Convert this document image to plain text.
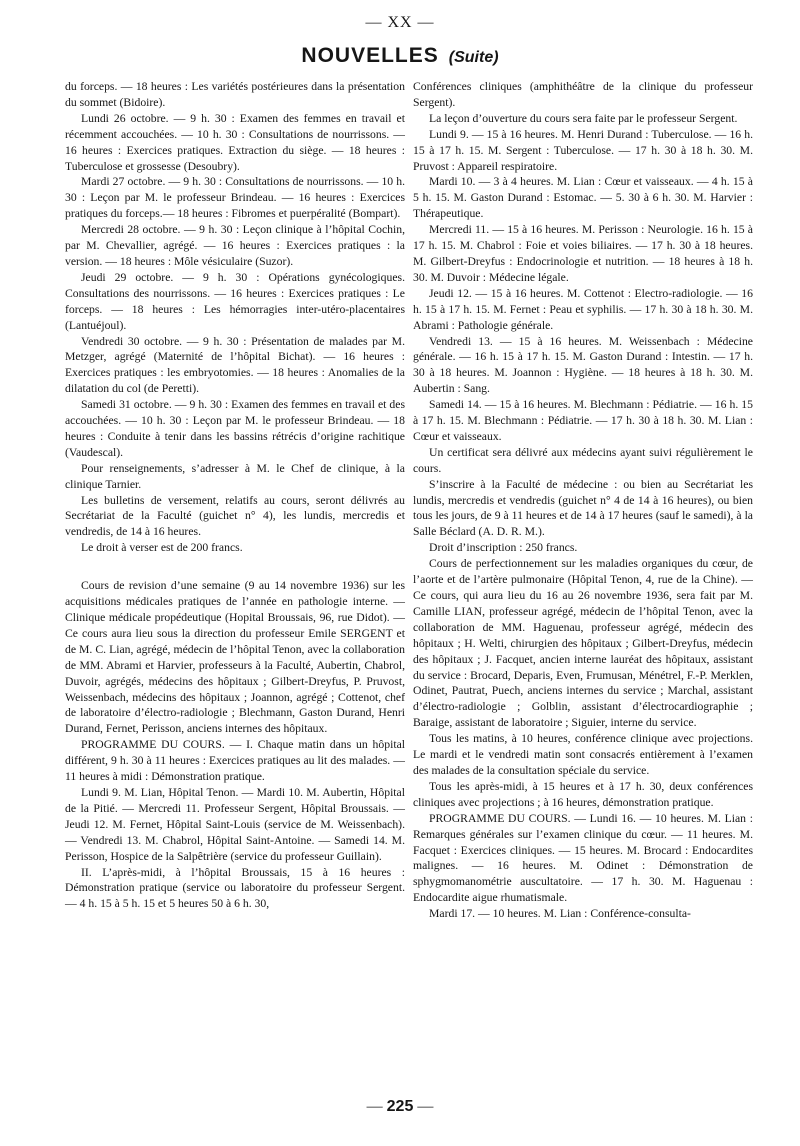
— XX —
NOUVELLES (Suite)

du forceps. — 18 heures : Les variétés postérieures dans la présentation du sommet (Bidoire).

Lundi 26 octobre. — 9 h. 30 : Examen des femmes en travail et récemment accouchées. — 10 h. 30 : Consultations de nourrissons. — 16 heures : Exercices pratiques. Extraction du siège. — 18 heures : Tuberculose et grossesse (Desoubry).

Mardi 27 octobre. — 9 h. 30 : Consultations de nourrissons. — 10 h. 30 : Leçon par M. le professeur Brindeau. — 16 heures : Exercices pratiques du forceps.— 18 heures : Fibromes et puerpéralité (Bompart).

Mercredi 28 octobre. — 9 h. 30 : Leçon clinique à l’hôpital Cochin, par M. Chevallier, agrégé. — 16 heures : Exercices pratiques : la version. — 18 heures : Môle vésiculaire (Suzor).

Jeudi 29 octobre. — 9 h. 30 : Opérations gynécologiques. Consultations des nourrissons. — 16 heures : Exercices pratiques : Le forceps. — 18 heures : Les hémorragies inter-utéro-placentaires (Lantuéjoul).

Vendredi 30 octobre. — 9 h. 30 : Présentation de malades par M. Metzger, agrégé (Maternité de l’hôpital Bichat). — 16 heures : Exercices pratiques : les embryotomies. — 18 heures : Anomalies de la dilatation du col (de Peretti).

Samedi 31 octobre. — 9 h. 30 : Examen des femmes en travail et des accouchées. — 10 h. 30 : Leçon par M. le professeur Brindeau. — 18 heures : Conduite à tenir dans les bassins rétrécis d’origine rachitique (Vaudescal).

Pour renseignements, s’adresser à M. le Chef de clinique, à la clinique Tarnier.

Les bulletins de versement, relatifs au cours, seront délivrés au Secrétariat de la Faculté (guichet n° 4), les lundis, mercredis et vendredis, de 14 à 16 heures.

Le droit à verser est de 200 francs.

Cours de revision d’une semaine (9 au 14 novembre 1936) sur les acquisitions médicales pratiques de l’année en pathologie interne. — Clinique médicale propédeutique (Hopital Broussais, 96, rue Didot). — Ce cours aura lieu sous la direction du professeur Emile SERGENT et de M. C. Lian, agrégé, médecin de l’hôpital Tenon, avec la collaboration de MM. Abrami et Harvier, professeurs à la Faculté, Aubertin, Chabrol, Duvoir, agrégés, médecins des hôpitaux ; Gilbert-Dreyfus, P. Pruvost, Weissenbach, médecins des hôpitaux ; Joannon, agrégé ; Cottenot, chef de laboratoire d’électro-radiologie ; Blechmann, Gaston Durand, Henri Durand, Fernet, Perisson, anciens internes des hôpitaux.

PROGRAMME DU COURS. — I. Chaque matin dans un hôpital différent, 9 h. 30 à 11 heures : Exercices pratiques au lit des malades. — 11 heures à midi : Démonstration pratique.

Lundi 9. M. Lian, Hôpital Tenon. — Mardi 10. M. Aubertin, Hôpital de la Pitié. — Mercredi 11. Professeur Sergent, Hôpital Broussais. — Jeudi 12. M. Fernet, Hôpital Saint-Louis (service de M. Weissenbach). — Vendredi 13. M. Chabrol, Hôpital Saint-Antoine. — Samedi 14. M. Perisson, Hospice de la Salpêtrière (service du professeur Guillain).

II. L’après-midi, à l’hôpital Broussais, 15 à 16 heures : Démonstration pratique (service ou laboratoire du professeur Sergent. — 4 h. 15 à 5 h. 15 et 5 heures 50 à 6 h. 30,

Conférences cliniques (amphithéâtre de la clinique du professeur Sergent).

La leçon d’ouverture du cours sera faite par le professeur Sergent.

Lundi 9. — 15 à 16 heures. M. Henri Durand : Tuberculose. — 16 h. 15 à 17 h. 15. M. Sergent : Tuberculose. — 17 h. 30 à 18 h. 30. M. Pruvost : Appareil respiratoire.

Mardi 10. — 3 à 4 heures. M. Lian : Cœur et vaisseaux. — 4 h. 15 à 5 h. 15. M. Gaston Durand : Estomac. — 5. 30 à 6 h. 30. M. Harvier : Thérapeutique.

Mercredi 11. — 15 à 16 heures. M. Perisson : Neurologie. 16 h. 15 à 17 h. 15. M. Chabrol : Foie et voies biliaires. — 17 h. 30 à 18 heures. M. Gilbert-Dreyfus : Endocrinologie et nutrition. — 18 heures à 18 h. 30. M. Duvoir : Médecine légale.

Jeudi 12. — 15 à 16 heures. M. Cottenot : Electro-radiologie. — 16 h. 15 à 17 h. 15. M. Fernet : Peau et syphilis. — 17 h. 30 à 18 h. 30. M. Abrami : Pathologie générale.

Vendredi 13. — 15 à 16 heures. M. Weissenbach : Médecine générale. — 16 h. 15 à 17 h. 15. M. Gaston Durand : Intestin. — 17 h. 30 à 18 heures. M. Joannon : Hygiène. — 18 heures à 18 h. 30. M. Aubertin : Sang.

Samedi 14. — 15 à 16 heures. M. Blechmann : Pédiatrie. — 16 h. 15 à 17 h. 15. M. Blechmann : Pédiatrie. — 17 h. 30 à 18 h. 30. M. Lian : Cœur et vaisseaux.

Un certificat sera délivré aux médecins ayant suivi régulièrement le cours.

S’inscrire à la Faculté de médecine : ou bien au Secrétariat les lundis, mercredis et vendredis (guichet n° 4 de 14 à 16 heures), ou bien tous les jours, de 9 à 11 heures et de 14 à 17 heures (sauf le samedi), à la Salle Béclard (A. D. R. M.).

Droit d’inscription : 250 francs.

Cours de perfectionnement sur les maladies organiques du cœur, de l’aorte et de l’artère pulmonaire (Hôpital Tenon, 4, rue de la Chine). — Ce cours, qui aura lieu du 16 au 26 novembre 1936, sera fait par M. Camille LIAN, professeur agrégé, médecin de l’hôpital Tenon, avec la collaboration de MM. Haguenau, professeur agrégé, médecin des hôpitaux ; H. Welti, chirurgien des hôpitaux ; Gilbert-Dreyfus, médecin des hôpitaux ; J. Facquet, ancien interne lauréat des hôpitaux, assistant du service : Brocard, Deparis, Even, Frumusan, Ménétrel, F.-P. Merklen, Odinet, Pautrat, Puech, anciens internes du service ; Marchal, assistant d’électro-radiologie ; Golblin, assistant d’électrocardiographie ; Baraige, assistant de laboratoire ; Siguier, interne du service.

Tous les matins, à 10 heures, conférence clinique avec projections. Le mardi et le vendredi matin sont consacrés entièrement à l’examen des malades de la consultation spéciale du service.

Tous les après-midi, à 15 heures et à 17 h. 30, deux conférences cliniques avec projections ; à 16 heures, démonstration pratique.

PROGRAMME DU COURS. — Lundi 16. — 10 heures. M. Lian : Remarques générales sur l’examen clinique du cœur. — 11 heures. M. Facquet : Exercices cliniques. — 15 heures. M. Brocard : Endocardites malignes. — 16 heures. M. Odinet : Démonstration de sphygmomanométrie auscultatoire. — 17 h. 30. M. Haguenau : Endocardite aigue rhumatismale.

Mardi 17. — 10 heures. M. Lian : Conférence-consulta-

— 225 —
